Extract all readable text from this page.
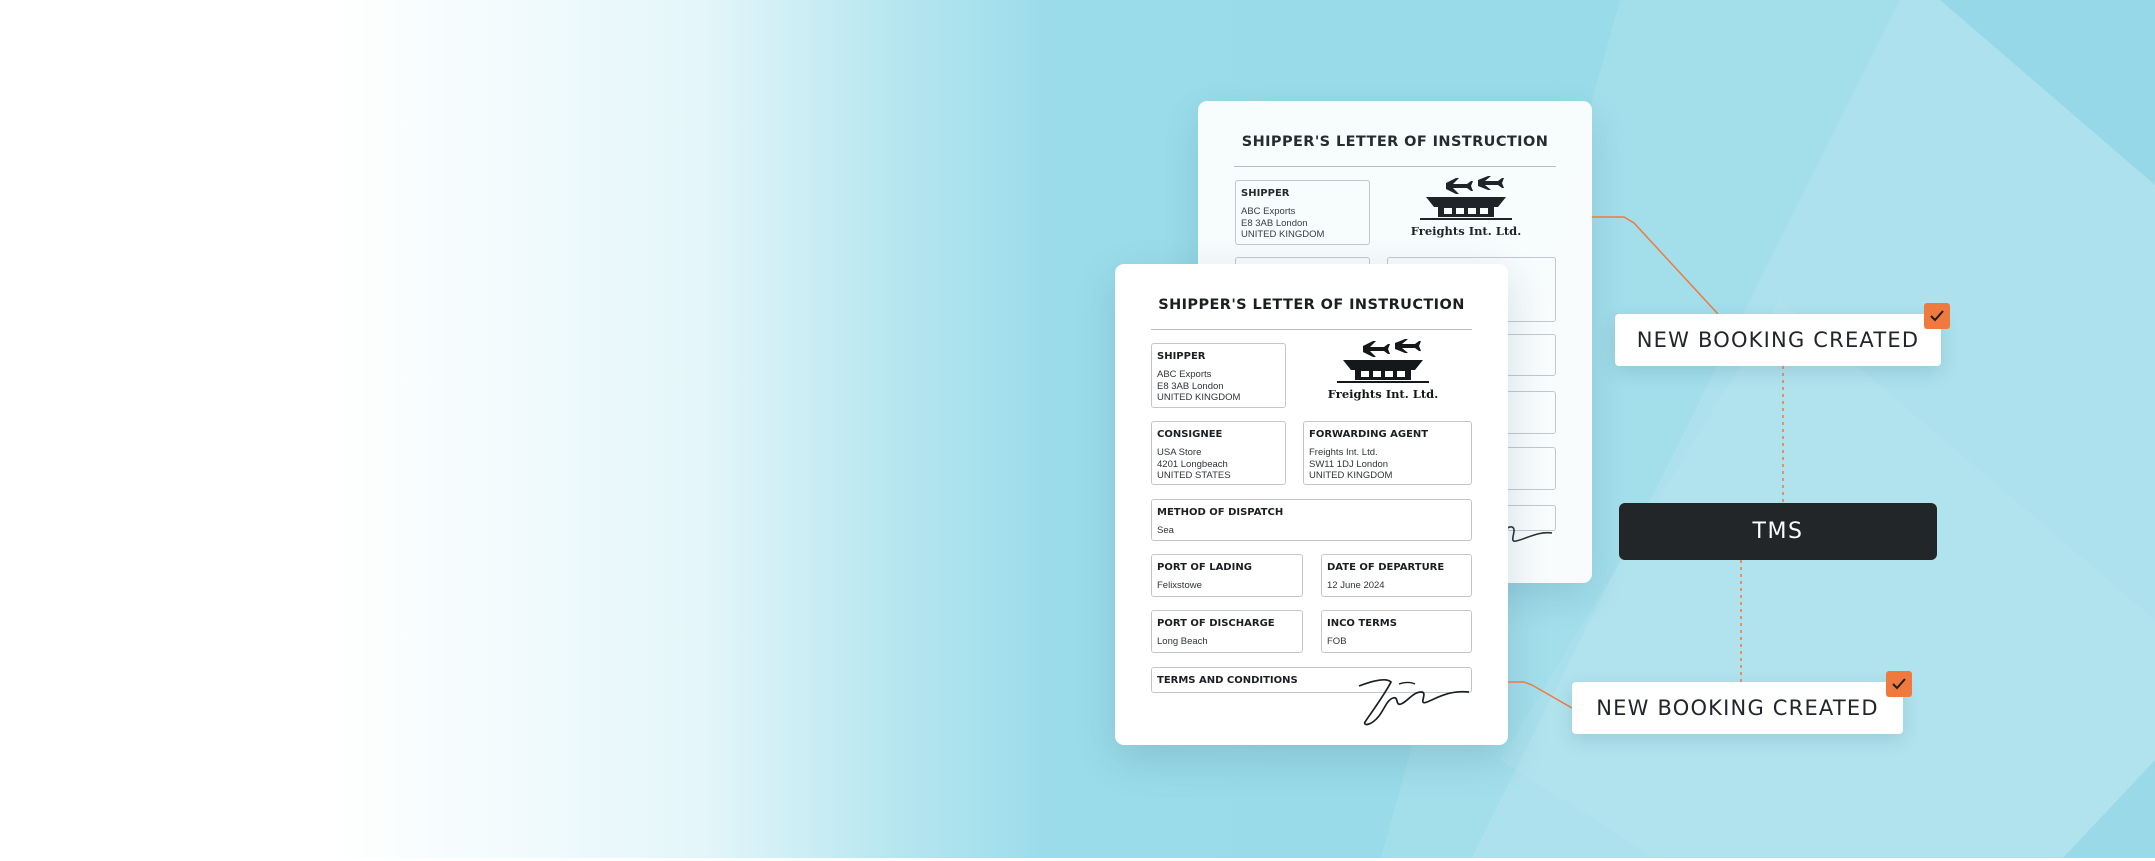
SHIPPER'S LETTER OF INSTRUCTION
SHIPPER
ABC Exports
E8 3AB London
UNITED KINGDOM	Freights Int. Ltd.
SHIPPER'S LETTER OF INSTRUCTION
SHIPPER
ABC Exports
E8 3AB London
UNITED KINGDOM	Freights Int. Ltd.
CONSIGNEE
USA Store
4201 Longbeach
UNITED STATES
FORWARDING AGENT
Freights Int. Ltd.
SW11 1DJ London
UNITED KINGDOM
METHOD OF DISPATCH
Sea
PORT OF LADING
Felixstowe
DATE OF DEPARTURE
12 June 2024
PORT OF DISCHARGE
Long Beach
INCO TERMS
FOB
TERMS AND CONDITIONS
NEW BOOKING CREATED
TMS
NEW BOOKING CREATED
